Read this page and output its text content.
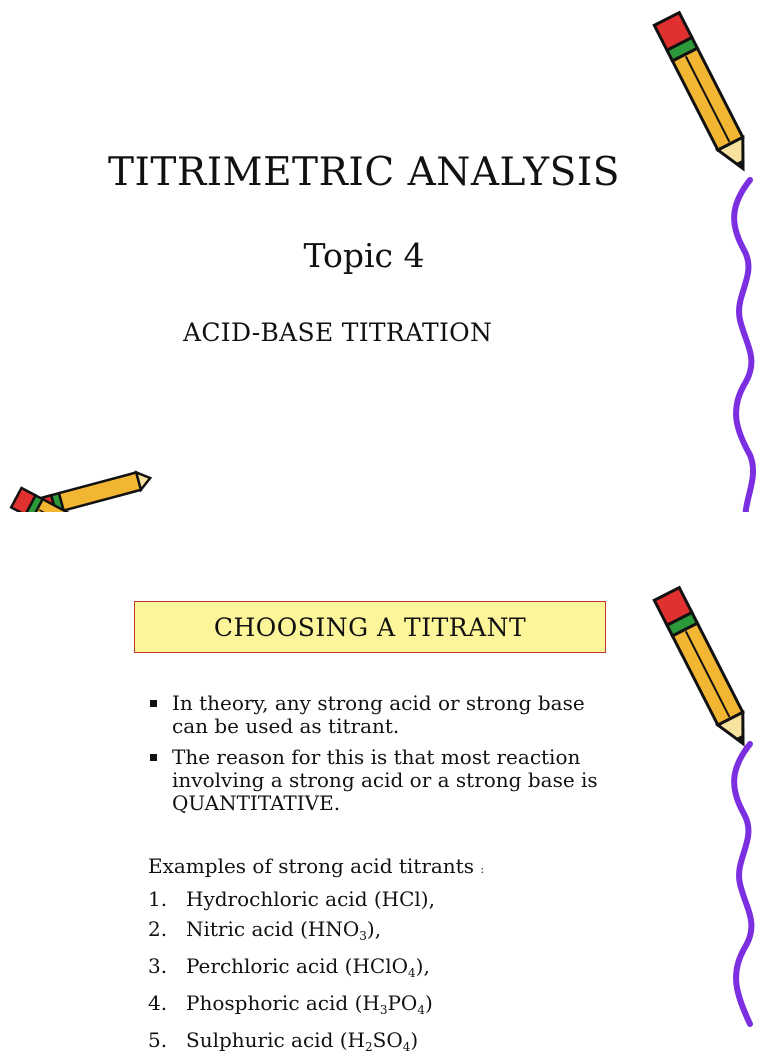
TITRIMETRIC ANALYSIS
Topic 4
ACID-BASE TITRATION
CHOOSING A TITRANT
In theory, any strong acid or strong base can be used as titrant.
The reason for this is that most reaction involving a strong acid or a strong base is QUANTITATIVE.
Examples of strong acid titrants :
1. Hydrochloric acid (HCl),
2. Nitric acid $(HNO_3)$,
3. Perchloric acid (HClO$_4$),
4. Phosphoric acid $(H_3PO_4)$
5. Sulphuric acid $(H_2SO_4)$
